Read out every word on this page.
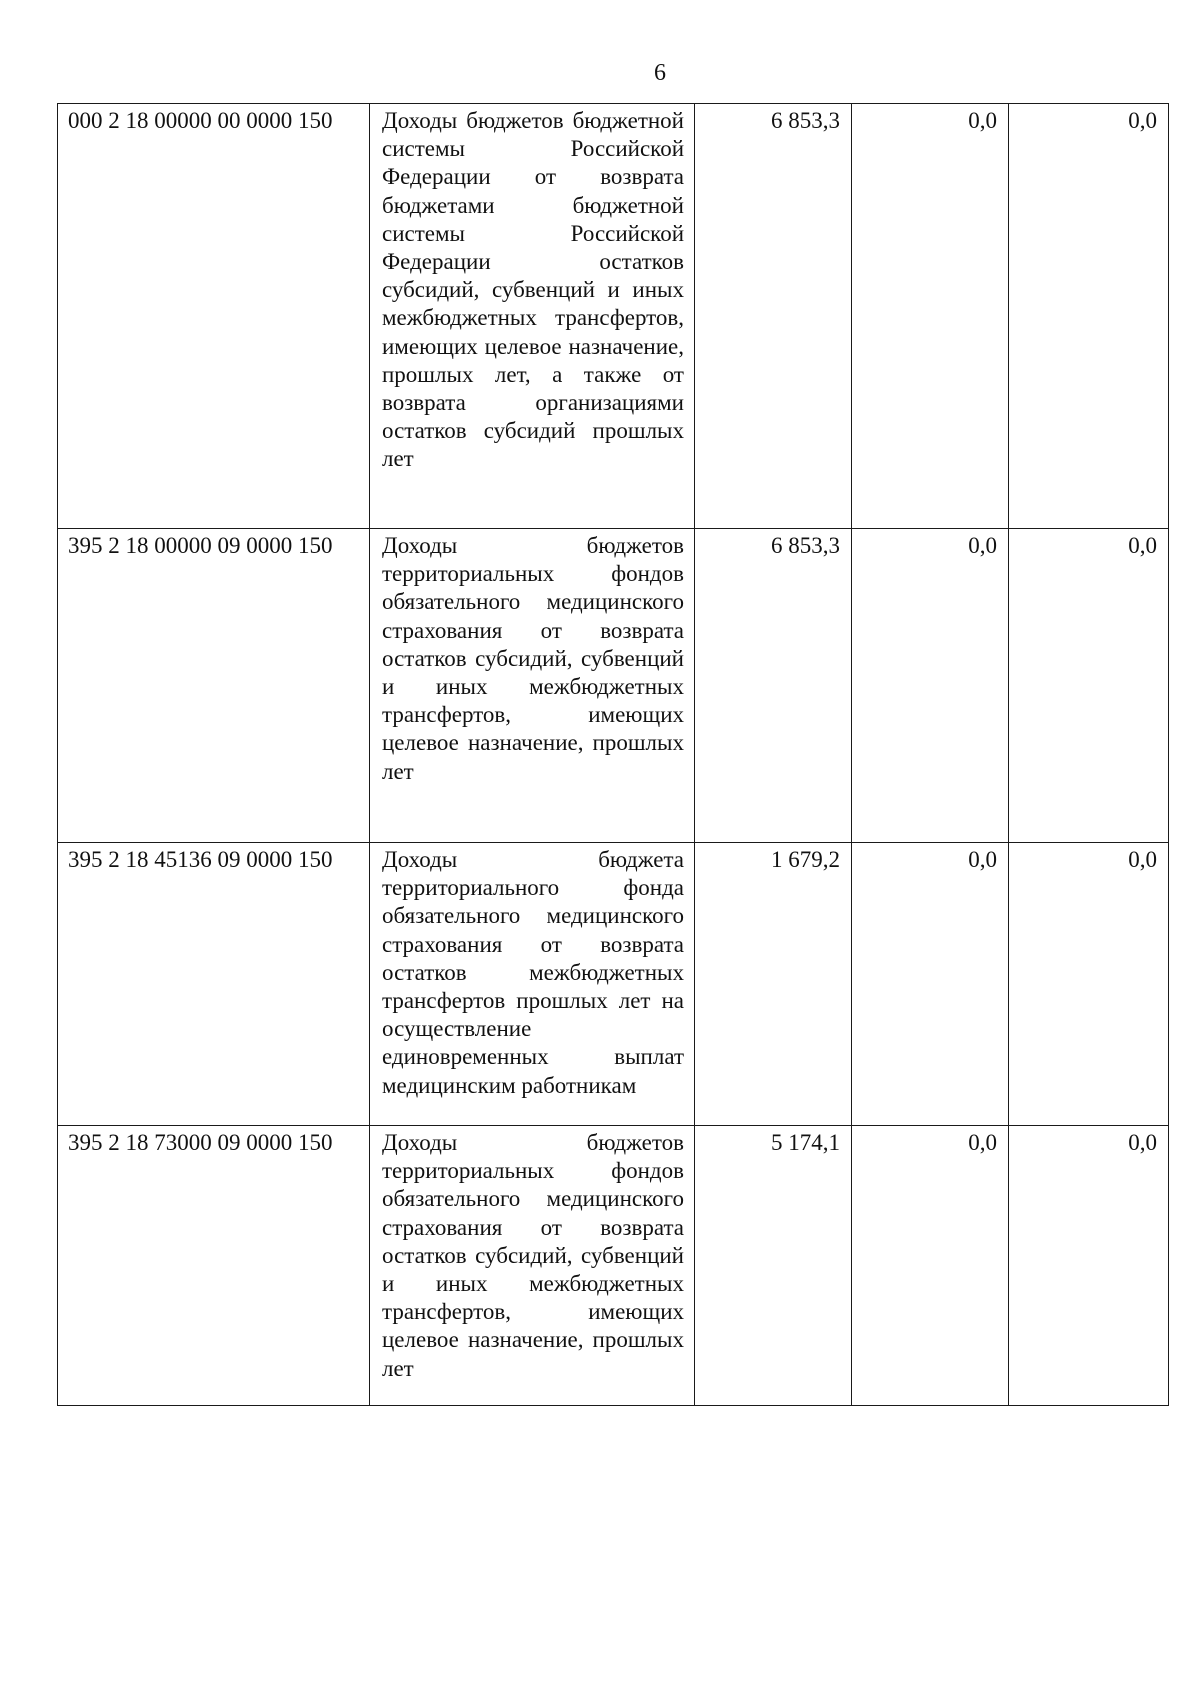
6
000 2 18 00000 00 0000 150	Доходы бюджетов бюджетной системы Российской Федерации от возврата бюджетами бюджетной системы Российской Федерации остатков субсидий, субвенций и иных межбюджетных трансфертов, имеющих целевое назначение, прошлых лет, а также от возврата организациями остатков субсидий прошлых лет	6 853,3	0,0	0,0
395 2 18 00000 09 0000 150	Доходы бюджетов территориальных фондов обязательного медицинского страхования от возврата остатков субсидий, субвенций и иных межбюджетных трансфертов, имеющих целевое назначение, прошлых лет	6 853,3	0,0	0,0
395 2 18 45136 09 0000 150	Доходы бюджета территориального фонда обязательного медицинского страхования от возврата остатков межбюджетных трансфертов прошлых лет на осуществление единовременных выплат медицинским работникам	1 679,2	0,0	0,0
395 2 18 73000 09 0000 150	Доходы бюджетов территориальных фондов обязательного медицинского страхования от возврата остатков субсидий, субвенций и иных межбюджетных трансфертов, имеющих целевое назначение, прошлых лет	5 174,1	0,0	0,0
